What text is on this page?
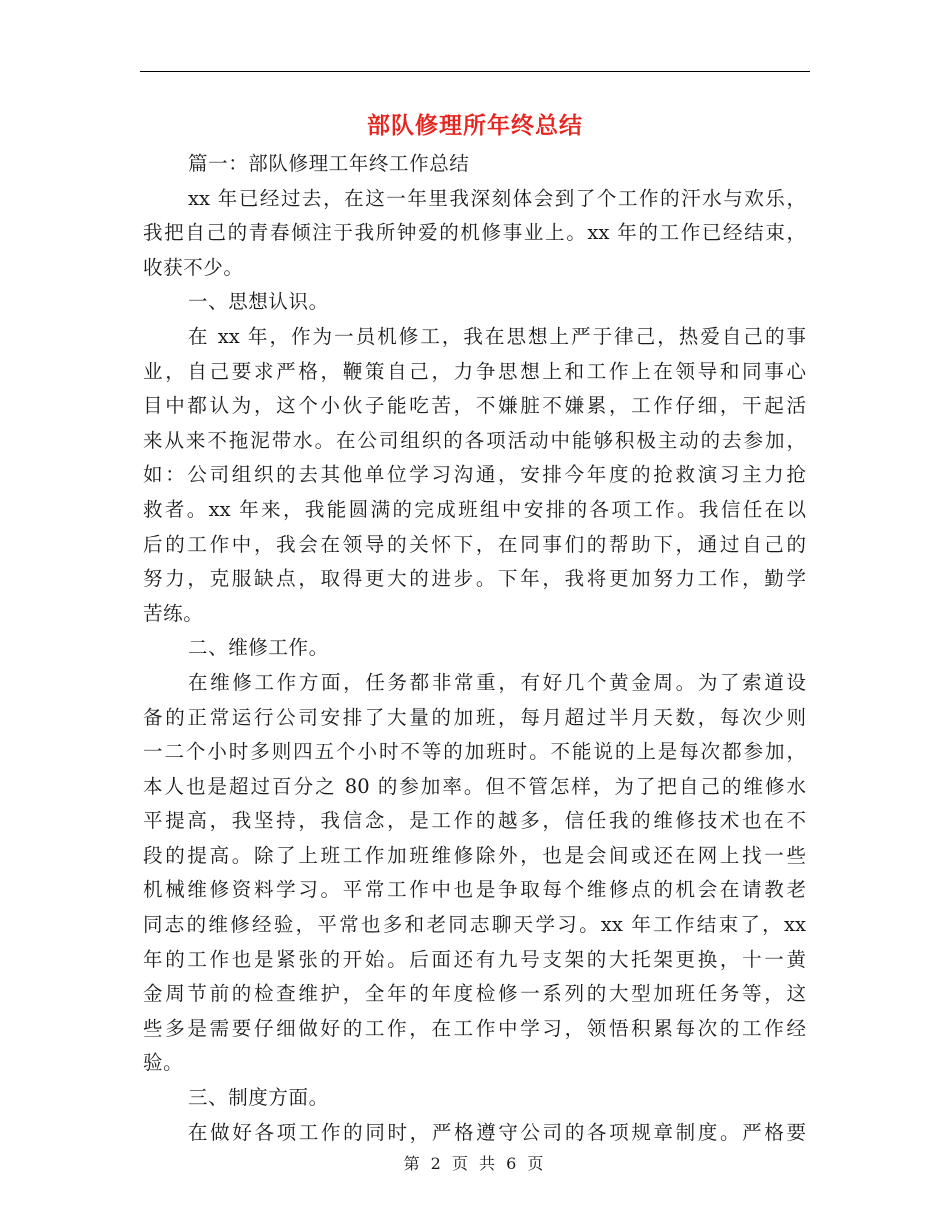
部队修理所年终总结
篇一：部队修理工年终工作总结
xx 年已经过去，在这一年里我深刻体会到了个工作的汗水与欢乐，
我把自己的青春倾注于我所钟爱的机修事业上。xx 年的工作已经结束，
收获不少。
一、思想认识。
在 xx 年，作为一员机修工，我在思想上严于律己，热爱自己的事
业，自己要求严格，鞭策自己，力争思想上和工作上在领导和同事心
目中都认为，这个小伙子能吃苦，不嫌脏不嫌累，工作仔细，干起活
来从来不拖泥带水。在公司组织的各项活动中能够积极主动的去参加，
如：公司组织的去其他单位学习沟通，安排今年度的抢救演习主力抢
救者。xx 年来，我能圆满的完成班组中安排的各项工作。我信任在以
后的工作中，我会在领导的关怀下，在同事们的帮助下，通过自己的
努力，克服缺点，取得更大的进步。下年，我将更加努力工作，勤学
苦练。
二、维修工作。
在维修工作方面，任务都非常重，有好几个黄金周。为了索道设
备的正常运行公司安排了大量的加班，每月超过半月天数，每次少则
一二个小时多则四五个小时不等的加班时。不能说的上是每次都参加，
本人也是超过百分之 80 的参加率。但不管怎样，为了把自己的维修水
平提高，我坚持，我信念，是工作的越多，信任我的维修技术也在不
段的提高。除了上班工作加班维修除外，也是会间或还在网上找一些
机械维修资料学习。平常工作中也是争取每个维修点的机会在请教老
同志的维修经验，平常也多和老同志聊天学习。xx 年工作结束了，xx
年的工作也是紧张的开始。后面还有九号支架的大托架更换，十一黄
金周节前的检查维护，全年的年度检修一系列的大型加班任务等，这
些多是需要仔细做好的工作，在工作中学习，领悟积累每次的工作经
验。
三、制度方面。
在做好各项工作的同时，严格遵守公司的各项规章制度。严格要
第 2 页 共 6 页
